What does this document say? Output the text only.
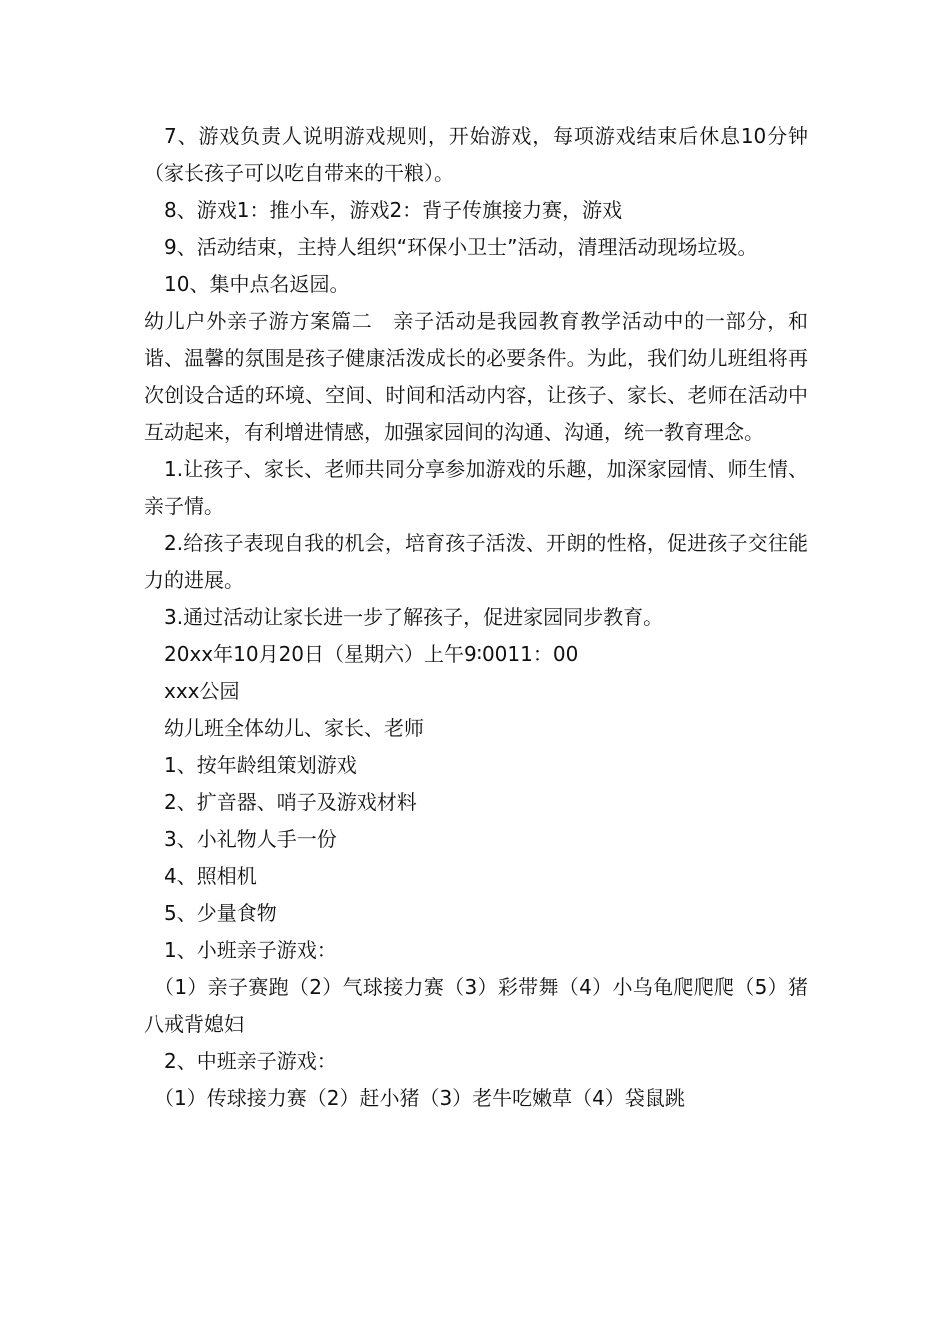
7、游戏负责人说明游戏规则，开始游戏，每项游戏结束后休息10分钟（家长孩子可以吃自带来的干粮）。

8、游戏1：推小车，游戏2：背子传旗接力赛，游戏

9、活动结束，主持人组织“环保小卫士”活动，清理活动现场垃圾。

10、集中点名返园。

幼儿户外亲子游方案篇二　亲子活动是我园教育教学活动中的一部分，和谐、温馨的氛围是孩子健康活泼成长的必要条件。为此，我们幼儿班组将再次创设合适的环境、空间、时间和活动内容，让孩子、家长、老师在活动中互动起来，有利增进情感，加强家园间的沟通、沟通，统一教育理念。

1.让孩子、家长、老师共同分享参加游戏的乐趣，加深家园情、师生情、亲子情。

2.给孩子表现自我的机会，培育孩子活泼、开朗的性格，促进孩子交往能力的进展。

3.通过活动让家长进一步了解孩子，促进家园同步教育。

20xx年10月20日（星期六）上午9∶0011：00

xxx公园

幼儿班全体幼儿、家长、老师

1、按年龄组策划游戏

2、扩音器、哨子及游戏材料

3、小礼物人手一份

4、照相机

5、少量食物

1、小班亲子游戏：

（1）亲子赛跑（2）气球接力赛（3）彩带舞（4）小乌龟爬爬爬（5）猪八戒背媳妇

2、中班亲子游戏：

（1）传球接力赛（2）赶小猪（3）老牛吃嫩草（4）袋鼠跳
